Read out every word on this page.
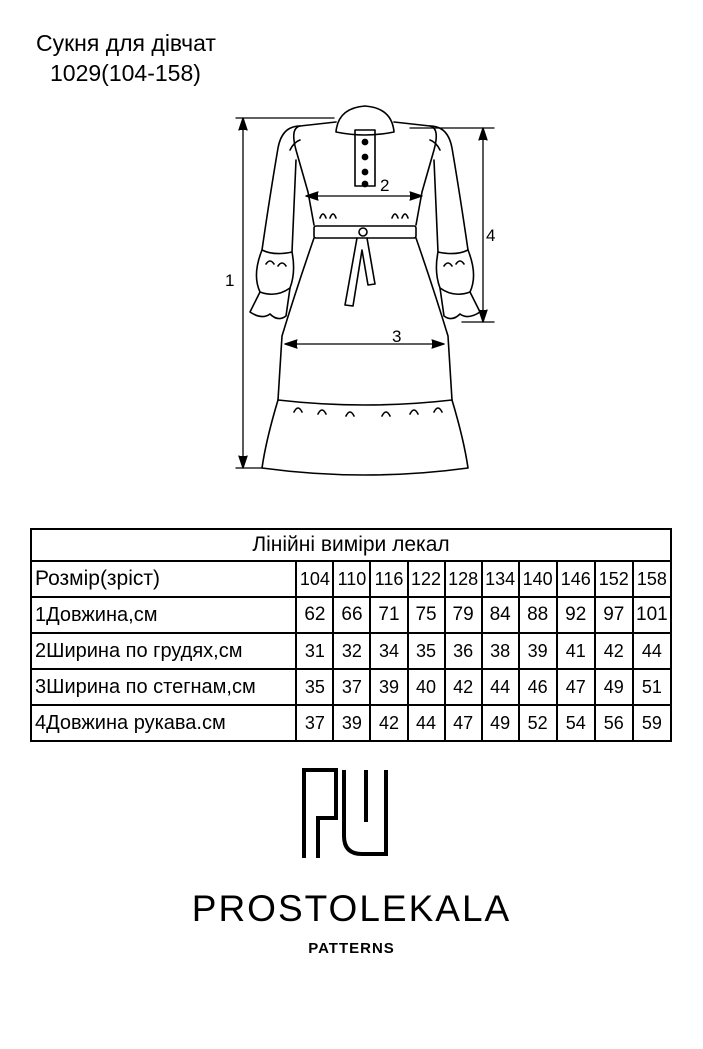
Сукня для дівчат
1029(104-158)
1
2
3
4
Лінійні виміри лекал										
Розмір(зріст)	104	110	116	122	128	134	140	146	152	158
1Довжина,см	62	66	71	75	79	84	88	92	97	101
2Ширина по грудях,см	31	32	34	35	36	38	39	41	42	44
3Ширина по стегнам,см	35	37	39	40	42	44	46	47	49	51
4Довжина рукава.см	37	39	42	44	47	49	52	54	56	59
PROSTOLEKALA
PATTERNS
